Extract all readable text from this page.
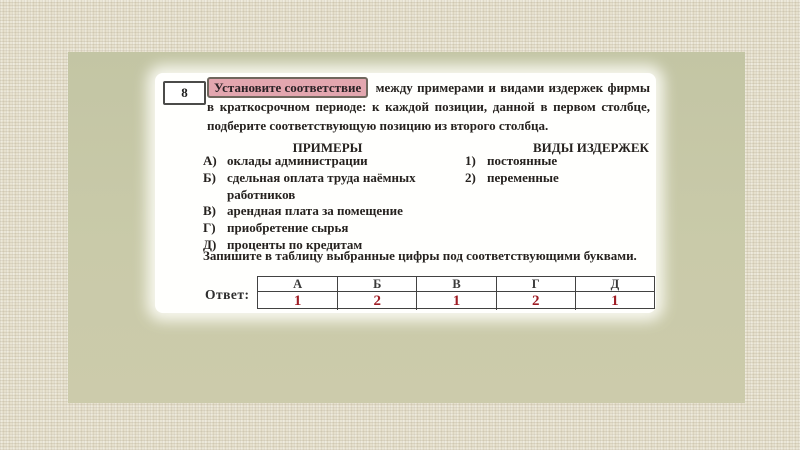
8	Установите соответствие между примерами и видами издержек фирмы в краткосрочном периоде: к каждой позиции, данной в первом столбце, подберите соответствующую позицию из второго столбца.

ПРИМЕРЫ	ВИДЫ ИЗДЕРЖЕК
А) оклады администрации
Б) сдельная оплата труда наёмных работников
В) арендная плата за помещение
Г) приобретение сырья
Д) проценты по кредитам
1) постоянные
2) переменные
Запишите в таблицу выбранные цифры под соответствующими буквами.
Ответ:
А	Б	В	Г	Д
1	2	1	2	1
